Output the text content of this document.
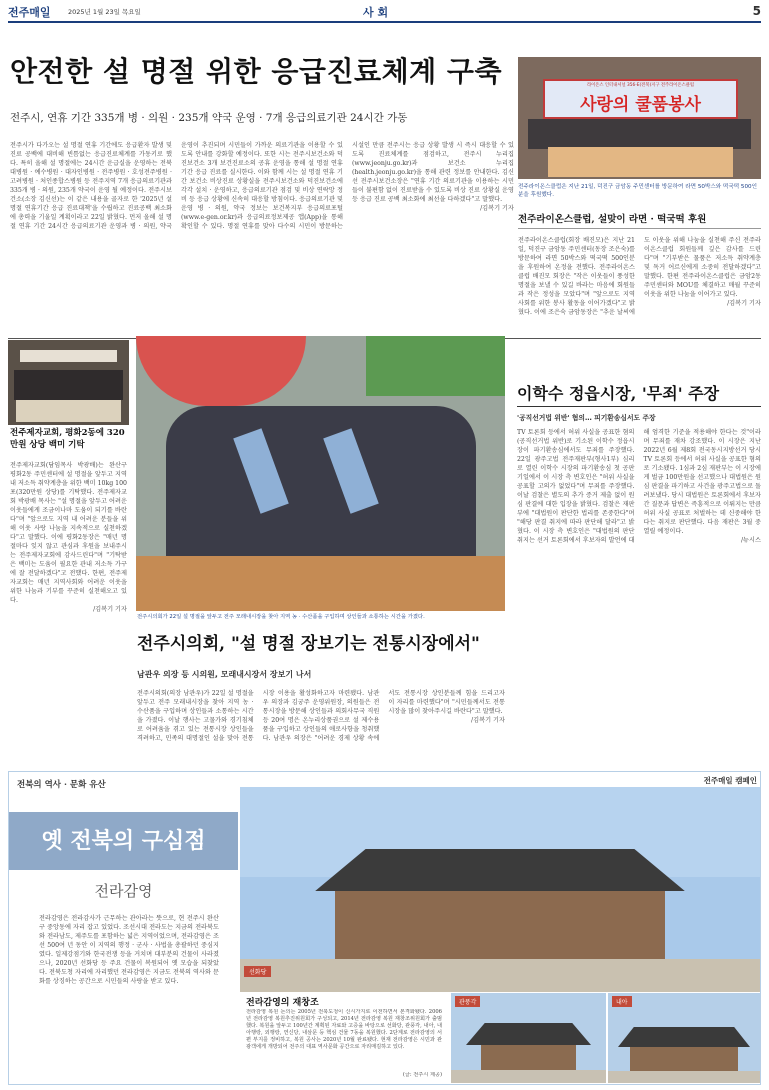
전주매일	2025년 1월 23일 목요일	사 회	5
안전한 설 명절 위한 응급진료체계 구축
전주시, 연휴 기간 335개 병 · 의원 · 235개 약국 운영 · 7개 응급의료기관 24시간 가동

전주시가 다가오는 설 명절 연휴 기간에도 응급환자 발생 및 진료 공백에 대비해 빈틈없는 응급진료체계를 가동키로 했다. 특히 올해 설 명절에는 24시간 운급실을 운영하는 전북대병원 · 예수병원 · 대자인병원 · 전주병원 · 호성전주병원 · 고려병원 · 처인종합스병원 등 전주지역 7개 응급의료기관과 335개 병 · 의원, 235개 약국이 운영 될 예정이다. 전주시보건소(소장 김신선)는 이 같은 내용을 골자로 한 '2025년 설 명절 연휴기간 응급 진료대책'을 수립하고 진료공백 최소화에 총력을 기울일 계획이라고 22일 밝혔다. 먼저 올해 설 명절 연휴 기간 24시간 응급의료기관 운영과 병 · 의원, 약국 운영이 추진되며 시민들이 가까운 의료기관을 이용할 수 있도록 안내를 강화할 예정이다. 또한 시는 전주시보건소와 덕진보건소 3개 보건진료소의 공휴 운영을 통해 설 명절 연휴 기간 응급 진료를 실시한다. 이와 함께 시는 설 명절 연휴 기간 보건소 비상진료 상황실을 전주시보건소와 덕진보건소에 각각 설치 · 운영하고, 응급의료기관 점검 및 비상 연락망 정비 등 응급 상황에 신속히 대응할 방침이다. 응급의료기관 및 운영 병 · 의원, 약국 정보는 보건복지부 응급의료포털(www.e-gen.or.kr)과 응급의료정보제공 앱(App)을 통해 확인할 수 있다. 명절 연휴를 맞아 다수의 시민이 방문하는 시설인 만큼 전주시는 응급 상황 발생 시 즉시 대응할 수 있도록 진료체계를 점검하고, 전주시 누리집(www.jeonju.go.kr)과 보건소 누리집(health.jeonju.go.kr)을 통해 관련 정보를 안내한다. 김신선 전주시보건소장은 "연휴 기간 의료기관을 이용하는 시민들이 불편함 없이 진료받을 수 있도록 비상 진료 상황실 운영 등 응급 진료 공백 최소화에 최선을 다하겠다"고 말했다.

/김복기 기자

라이온스 인터내셔널 356-E(전북)지구 전주라이온스클럽
사랑의 쿨품봉사
전주라이온스클럽은 지난 21일, 덕진구 금암동 주민센터를 방문하여 라면 50박스와 떡국떡 500인분을 후원했다.
전주라이온스클럽, 설맞이 라면 · 떡국떡 후원

전주라이온스클럽(회장 배진모)은 지난 21일, 덕진구 금암동 주민센터(동장 조은숙)를 방문하여 라면 50박스와 떡국떡 500인분을 후원하여 온정을 전했다. 전주라이온스클럽 배진모 회장은 "작은 이웃들이 풍성한 명절을 보낼 수 있길 바라는 마음에 회원들과 작은 정성을 모았다"며 "앞으로도 지역 사회를 위한 봉사 활동을 이어가겠다"고 밝혔다. 이에 조은숙 금암동장은 "추운 날씨에도 이웃을 위해 나눔을 실천해 주신 전주라이온스클럽 회원들께 깊은 감사를 드린다"며 "기부받은 물품은 저소득 취약계층 및 독거 어르신에게 소중히 전달하겠다"고 말했다. 한편 전주라이온스클럽은 금암2동 주민센터와 MOU를 체결하고 매월 꾸준히 이웃을 위한 나눔을 이어가고 있다.

/김복기 기자

전주제자교회, 평화2동에 320만원 상당 백미 기탁

전주제자교회(담임목사 박광배)는 완산구 평화2동 주민센터에 설 명절을 앞두고 지역 내 저소득 취약계층을 위한 백미 10kg 100포(320만원 상당)를 기탁했다. 전주제자교회 박광배 목사는 "설 명절을 앞두고 어려운 이웃들에게 조금이나마 도움이 되기를 바란다"며 "앞으로도 지역 내 어려운 분들을 위해 이웃 사랑 나눔을 지속적으로 실천하겠다"고 말했다. 이에 평화2동장은 "매년 명절마다 잊지 않고 관심과 후원을 보내주시는 전주제자교회에 감사드린다"며 "기탁받은 백미는 도움이 필요한 관내 저소득 가구에 잘 전달하겠다"고 전했다. 한편, 전주제자교회는 매년 지역사회와 어려운 이웃을 위한 나눔과 기부를 꾸준히 실천해오고 있다.

/김복기 기자

전주시의회가 22일 설 명절을 앞두고 전주 모래내시장을 찾아 지역 농 · 수산품을 구입하며 상인들과 소통하는 시간을 가졌다.
전주시의회, "설 명절 장보기는 전통시장에서"
남관우 의장 등 시의원, 모래내시장서 장보기 나서

전주시의회(의장 남관우)가 22일 설 명절을 앞두고 전주 모래내시장을 찾아 지역 농 · 수산품을 구입하며 상인들과 소통하는 시간을 가졌다. 이날 행사는 고물가와 경기침체로 어려움을 겪고 있는 전통시장 상인들을 격려하고, 민족의 대명절인 설을 맞아 전통시장 이용을 활성화하고자 마련됐다. 남관우 의장과 김궁주 운영위원장, 의원들은 전통시장을 방문해 상인들과 의회사무국 직원 등 20여 명은 온누리상품권으로 설 제수용품을 구입하고 상인들의 애로사항을 청취했다. 남관우 의장은 "어려운 경제 상황 속에서도 전통시장 상인분들께 힘을 드리고자 이 자리를 마련했다"며 "시민들께서도 전통시장을 많이 찾아주시길 바란다"고 말했다.

/김복기 기자

이학수 정읍시장, '무죄' 주장
'공직선거법 위반' 혐의… 피기환송심서도 주장

TV 토론회 등에서 허위 사실을 공표한 혐의(공직선거법 위반)로 기소된 이학수 정읍시장이 파기환송심에서도 무죄를 주장했다. 22일 광주고법 전주재판부(형사1부) 심리로 열린 이학수 시장의 파기환송심 첫 공판기일에서 이 시장 측 변호인은 "허위 사실을 공표할 고의가 없었다"며 무죄를 주장했다. 이날 검찰은 별도의 추가 증거 제출 없이 원심 판결에 대한 입장을 밝혔다. 검찰은 재판부에 "대법원이 판단한 법리를 존중한다"며 "해당 판결 취지에 따라 판단해 달라"고 밝혔다. 이 시장 측 변호인은 "대법원의 판단 취지는 선거 토론회에서 후보자의 발언에 대해 엄격한 기준을 적용해야 한다는 것"이라며 무죄를 재차 강조했다. 이 시장은 지난 2022년 6월 제8회 전국동시지방선거 당시 TV 토론회 등에서 허위 사실을 공표한 혐의로 기소됐다. 1심과 2심 재판부는 이 시장에게 벌금 100만원을 선고했으나 대법원은 원심 판결을 파기하고 사건을 광주고법으로 돌려보냈다. 당시 대법원은 토론회에서 후보자 간 질문과 답변은 즉흥적으로 이뤄지는 만큼 허위 사실 공표로 처벌하는 데 신중해야 한다는 취지로 판단했다. 다음 재판은 3월 중 열릴 예정이다.

/뉴시스

전북의 역사 · 문화 유산
옛 전북의 구심점
전라감영
전라감영은 전라감사가 근무하는 관아라는 뜻으로, 현 전주시 완산구 중앙동에 자리 잡고 있었다. 조선시대 전라도는 지금의 전라북도와 전라남도, 제주도를 포함하는 넓은 지역이었으며, 전라감영은 조선 500여 년 동안 이 지역의 행정 · 군사 · 사법을 총괄하던 중심지였다. 일제강점기와 한국전쟁 등을 거치며 대부분의 건물이 사라졌으나, 2020년 선화당 등 주요 건물이 복원되어 옛 모습을 되찾았다. 전북도청 자리에 자리했던 전라감영은 지금도 전북의 역사와 문화를 상징하는 공간으로 시민들의 사랑을 받고 있다.
전주매일 캠페인
선화당
전라감영의 재창조
전라감영 복원 논의는 2005년 전북도청이 신시가지로 이전하면서 본격화됐다. 2006년 전라감영 복원추진위원회가 구성되고, 2014년 전라감영 복원 재창조위원회가 출범했다. 복원을 앞두고 100년간 계획된 자료와 고증을 바탕으로 선화당, 관풍각, 내아, 내아행랑, 외행랑, 연신당, 내삼문 등 핵심 건물 7동을 복원했다. 2단계로 전라감영의 서편 부지를 정비하고, 복원 공사는 2020년 10월 완료됐다. 현재 전라감영은 시민과 관광객에게 개방되어 전주의 대표 역사문화 공간으로 자리매김하고 있다.
(글: 전주시 제공)
관풍각	내아
